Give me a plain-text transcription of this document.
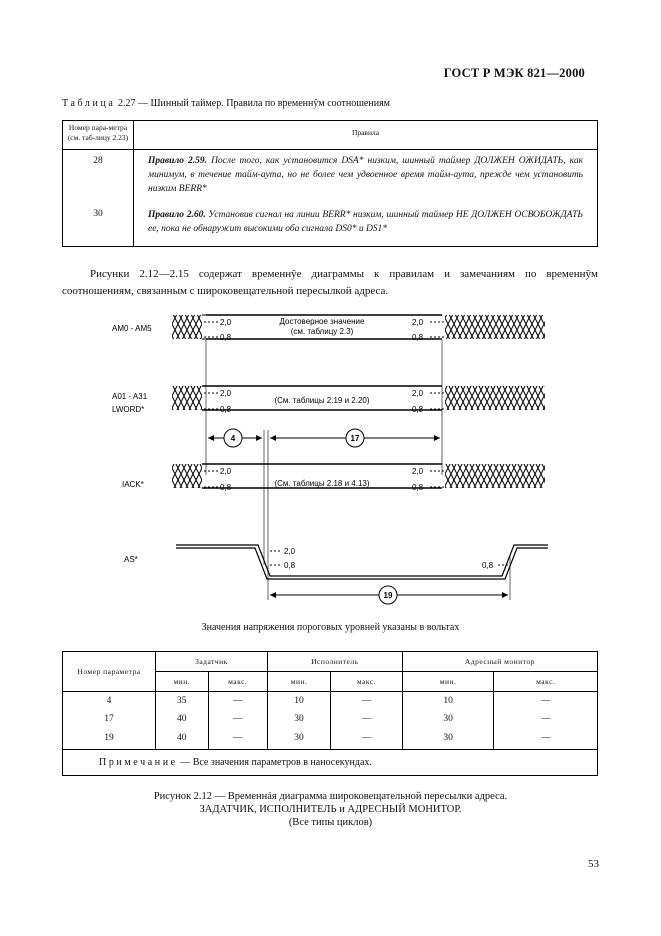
ГОСТ Р МЭК 821—2000
Таблица 2.27 — Шинный таймер. Правила по временнŷм соотношениям
Номер пара-метра (см. таб-лицу 2.23)	Правила
28	Правило 2.59. После того, как установится DSA* низким, шинный таймер ДОЛЖЕН ОЖИДАТЬ, как минимум, в течение тайм-аута, но не более чем удвоенное время тайм-аута, прежде чем установить низким BERR*
30	Правило 2.60. Установив сигнал на линии BERR* низким, шинный таймер НЕ ДОЛЖЕН ОСВОБОЖДАТЬ ее, пока не обнаружит высокими оба сигнала DS0* и DS1*
Рисунки 2.12—2.15 содержат временнŷе диаграммы к правилам и замечаниям по временнŷм соотношениям, связанным с широковещательной пересылкой адреса.
AM0 - AM5
2,0
0,8
2,0
0,8
Достоверное значение
(см. таблицу 2.3)
A01 - A31
LWORD*
2,0
0,8
2,0
0,8
(См. таблицы 2.19 и 2.20)
4	17
IACK*
2,0
0,8
2,0
0,8
(См. таблицы 2.18 и 4.13)
AS*
2,0
0,8	0,8
19
Значения напряжения пороговых уровней указаны в вольтах
Номер параметра	Задатчик		Исполнитель		Адресный монитор	
	мин.	макс.	мин.	макс.	мин.	макс.
4	35	—	10	—	10	—
17	40	—	30	—	30	—
19	40	—	30	—	30	—
Примечание — Все значения параметров в наносекундах.						
Рисунок 2.12 — Временнáя диаграмма широковещательной пересылки адреса.
ЗАДАТЧИК, ИСПОЛНИТЕЛЬ и АДРЕСНЫЙ МОНИТОР.
(Все типы циклов)
53
